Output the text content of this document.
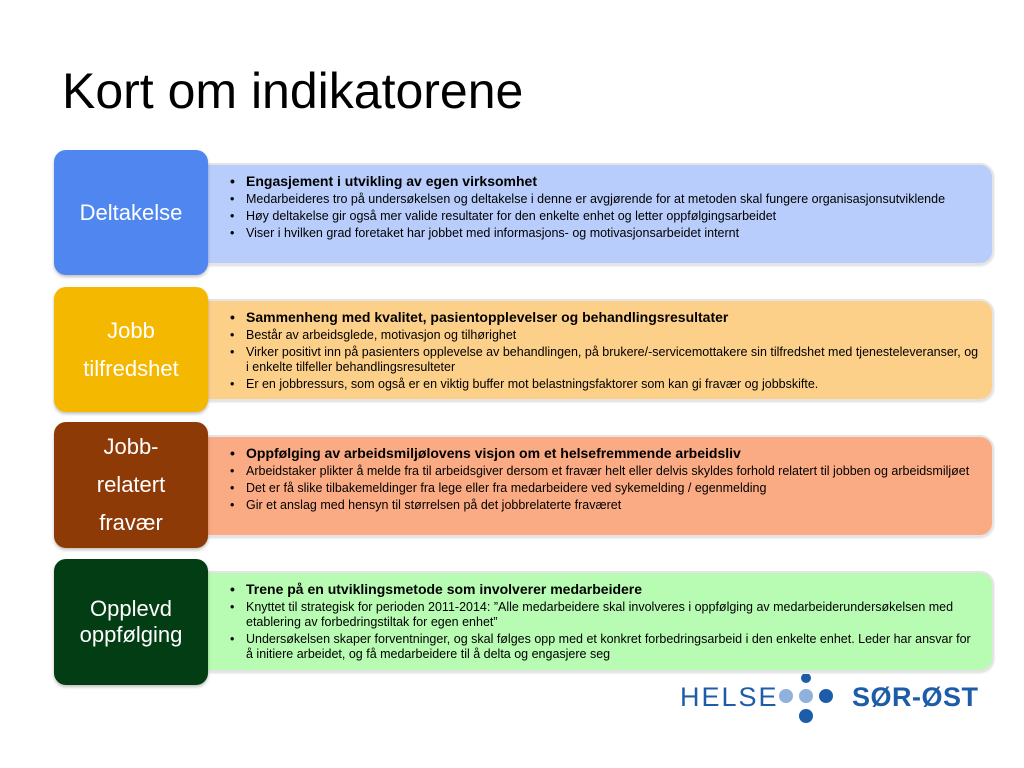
Kort om indikatorene
• Engasjement i utvikling av egen virksomhet
• Medarbeideres tro på undersøkelsen og deltakelse i denne er avgjørende for at metoden skal fungere organisasjonsutviklende
• Høy deltakelse gir også mer valide resultater for den enkelte enhet og letter oppfølgingsarbeidet
• Viser i hvilken grad foretaket har jobbet med informasjons- og motivasjonsarbeidet internt
Deltakelse
• Sammenheng med kvalitet, pasientopplevelser og behandlingsresultater
• Består av arbeidsglede, motivasjon og tilhørighet
• Virker positivt inn på pasienters opplevelse av behandlingen, på brukere/-servicemottakere sin tilfredshet med tjenesteleveranser, og i enkelte tilfeller behandlingsresulteter
• Er en jobbressurs, som også er en viktig buffer mot belastningsfaktorer som kan gi fravær og jobbskifte.
Jobb
tilfredshet
• Oppfølging av arbeidsmiljølovens visjon om et helsefremmende arbeidsliv
• Arbeidstaker plikter å melde fra til arbeidsgiver dersom et fravær helt eller delvis skyldes forhold relatert til jobben og arbeidsmiljøet
• Det er få slike tilbakemeldinger fra lege eller fra medarbeidere ved sykemelding / egenmelding
• Gir et anslag med hensyn til størrelsen på det jobbrelaterte fraværet
Jobb-
relatert
fravær
• Trene på en utviklingsmetode som involverer medarbeidere
• Knyttet til strategisk for perioden 2011-2014: ”Alle medarbeidere skal involveres i oppfølging av medarbeiderundersøkelsen med etablering av forbedringstiltak for egen enhet”
• Undersøkelsen skaper forventninger, og skal følges opp med et konkret forbedringsarbeid i den enkelte enhet. Leder har ansvar for å initiere arbeidet, og få medarbeidere til å delta og engasjere seg
Opplevd
oppfølging
HELSE	SØR-ØST
